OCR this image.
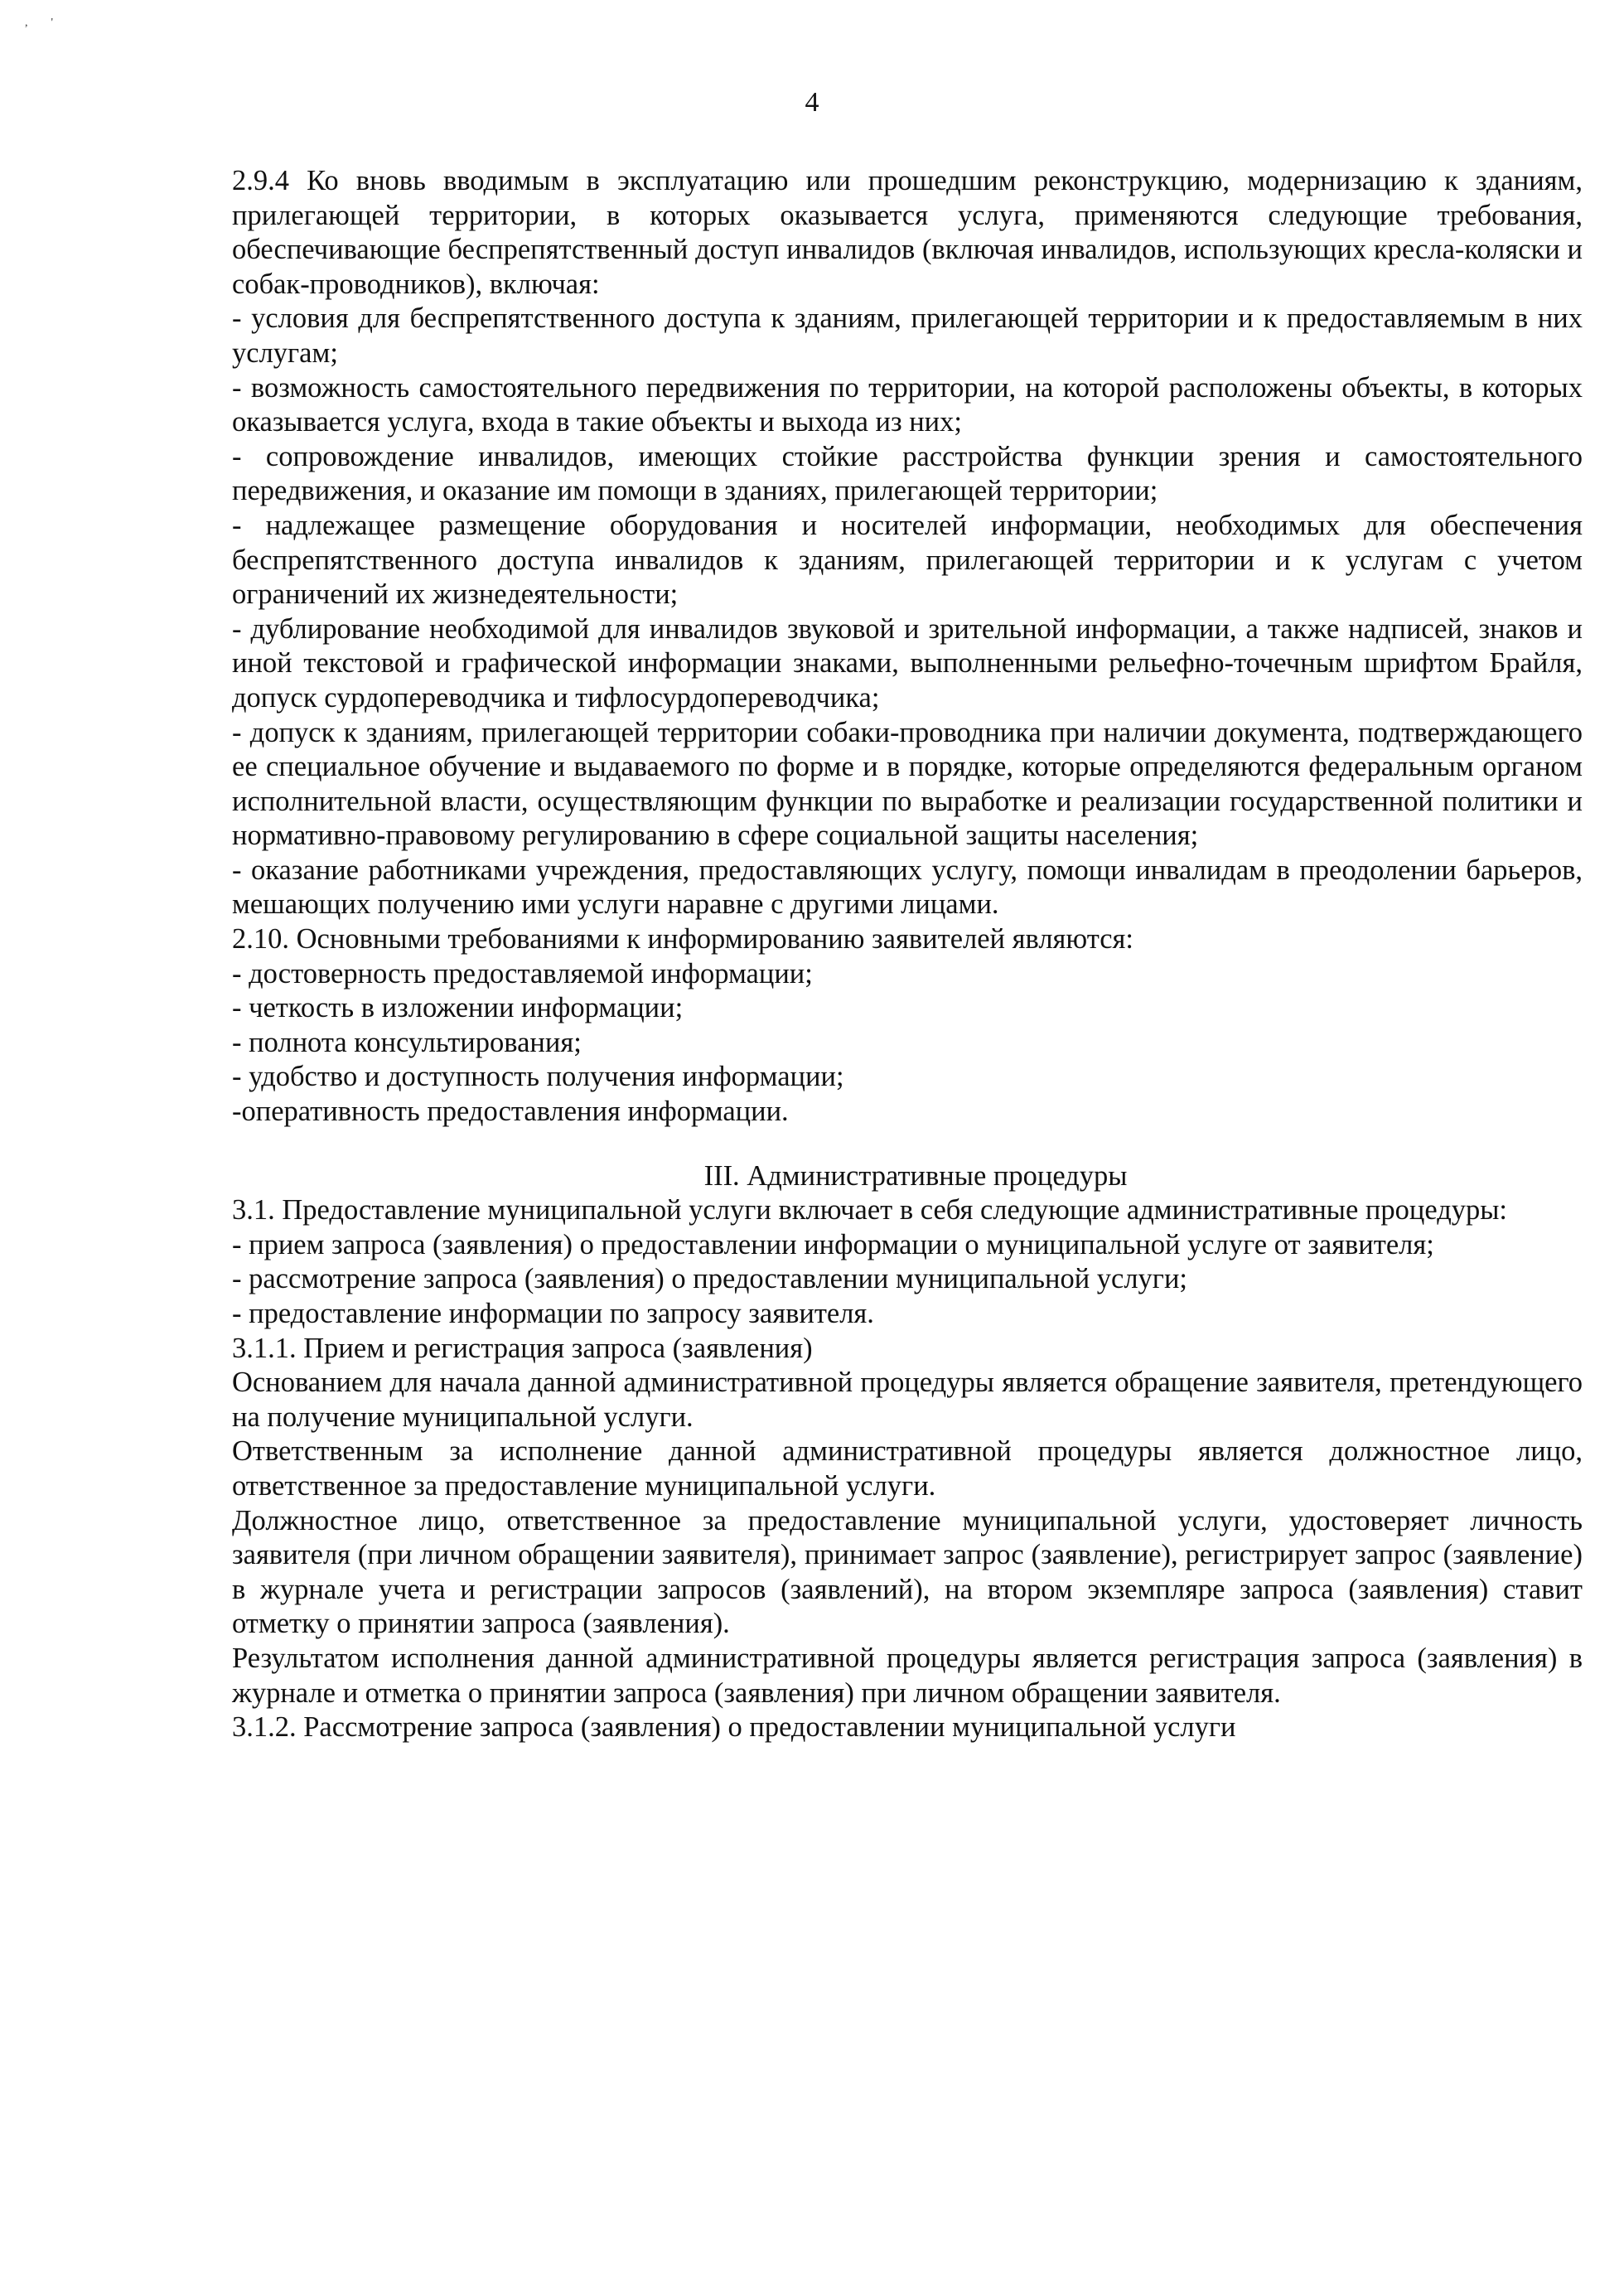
,        '
4

2.9.4 Ко вновь вводимым в эксплуатацию или прошедшим реконструкцию, модернизацию к зданиям, прилегающей территории, в которых оказывается услуга, применяются следующие требования, обеспечивающие беспрепятственный доступ инвалидов (включая инвалидов, использующих кресла-коляски и собак-проводников), включая:

- условия для беспрепятственного доступа к зданиям, прилегающей территории и к предоставляемым в них услугам;

- возможность самостоятельного передвижения по территории, на которой расположены объекты, в которых оказывается услуга, входа в такие объекты и выхода из них;

- сопровождение инвалидов, имеющих стойкие расстройства функции зрения и самостоятельного передвижения, и оказание им помощи в зданиях, прилегающей территории;

- надлежащее размещение оборудования и носителей информации, необходимых для обеспечения беспрепятственного доступа инвалидов к зданиям, прилегающей территории и к услугам с учетом ограничений их жизнедеятельности;

- дублирование необходимой для инвалидов звуковой и зрительной информации, а также надписей, знаков и иной текстовой и графической информации знаками, выполненными рельефно-точечным шрифтом Брайля, допуск сурдопереводчика и тифлосурдопереводчика;

- допуск к зданиям, прилегающей территории собаки-проводника при наличии документа, подтверждающего ее специальное обучение и выдаваемого по форме и в порядке, которые определяются федеральным органом исполнительной власти, осуществляющим функции по выработке и реализации государственной политики и нормативно-правовому регулированию в сфере социальной защиты населения;

- оказание работниками учреждения, предоставляющих услугу, помощи инвалидам в преодолении барьеров, мешающих получению ими услуги наравне с другими лицами.

2.10. Основными требованиями к информированию заявителей являются:

- достоверность предоставляемой информации;

- четкость в изложении информации;

- полнота консультирования;

- удобство и доступность получения информации;

-оперативность предоставления информации.

III. Административные процедуры

3.1. Предоставление муниципальной услуги включает в себя следующие административные процедуры:

- прием запроса (заявления) о предоставлении информации о муниципальной услуге от заявителя;

- рассмотрение запроса (заявления) о предоставлении муниципальной услуги;

- предоставление информации по запросу заявителя.

3.1.1. Прием и регистрация запроса (заявления)

Основанием для начала данной административной процедуры является обращение заявителя, претендующего на получение муниципальной услуги.

Ответственным за исполнение данной административной процедуры является должностное лицо, ответственное за предоставление муниципальной услуги.

Должностное лицо, ответственное за предоставление муниципальной услуги, удостоверяет личность заявителя (при личном обращении заявителя), принимает запрос (заявление), регистрирует запрос (заявление) в журнале учета и регистрации запросов (заявлений), на втором экземпляре запроса (заявления) ставит отметку о принятии запроса (заявления).

Результатом исполнения данной административной процедуры является регистрация запроса (заявления) в журнале и отметка о принятии запроса (заявления) при личном обращении заявителя.

3.1.2. Рассмотрение запроса (заявления) о предоставлении муниципальной услуги
